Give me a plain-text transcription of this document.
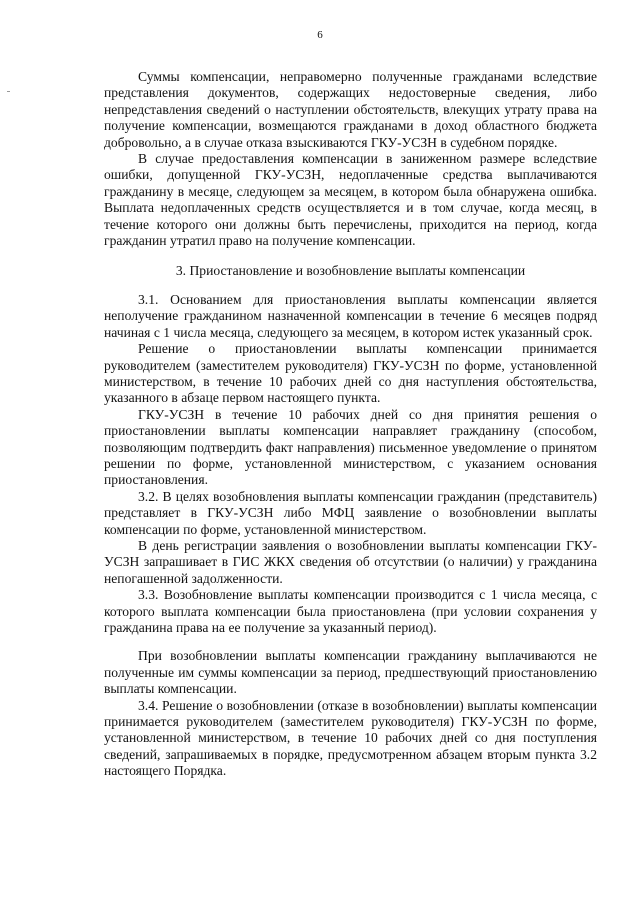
6

Суммы компенсации, неправомерно полученные гражданами вследствие представления документов, содержащих недостоверные сведения, либо непредставления сведений о наступлении обстоятельств, влекущих утрату права на получение компенсации, возмещаются гражданами в доход областного бюджета добровольно, а в случае отказа взыскиваются ГКУ-УСЗН в судебном порядке.

В случае предоставления компенсации в заниженном размере вследствие ошибки, допущенной ГКУ-УСЗН, недоплаченные средства выплачиваются гражданину в месяце, следующем за месяцем, в котором была обнаружена ошибка. Выплата недоплаченных средств осуществляется и в том случае, когда месяц, в течение которого они должны быть перечислены, приходится на период, когда гражданин утратил право на получение компенсации.

3. Приостановление и возобновление выплаты компенсации

3.1. Основанием для приостановления выплаты компенсации является неполучение гражданином назначенной компенсации в течение 6 месяцев подряд начиная с 1 числа месяца, следующего за месяцем, в котором истек указанный срок.

Решение о приостановлении выплаты компенсации принимается руководителем (заместителем руководителя) ГКУ-УСЗН по форме, установленной министерством, в течение 10 рабочих дней со дня наступления обстоятельства, указанного в абзаце первом настоящего пункта.

ГКУ-УСЗН в течение 10 рабочих дней со дня принятия решения о приостановлении выплаты компенсации направляет гражданину (способом, позволяющим подтвердить факт направления) письменное уведомление о принятом решении по форме, установленной министерством, с указанием основания приостановления.

3.2. В целях возобновления выплаты компенсации гражданин (представитель) представляет в ГКУ-УСЗН либо МФЦ заявление о возобновлении выплаты компенсации по форме, установленной министерством.

В день регистрации заявления о возобновлении выплаты компенсации ГКУ-УСЗН запрашивает в ГИС ЖКХ сведения об отсутствии (о наличии) у гражданина непогашенной задолженности.

3.3. Возобновление выплаты компенсации производится с 1 числа месяца, с которого выплата компенсации была приостановлена (при условии сохранения у гражданина права на ее получение за указанный период).

При возобновлении выплаты компенсации гражданину выплачиваются не полученные им суммы компенсации за период, предшествующий приостановлению выплаты компенсации.

3.4. Решение о возобновлении (отказе в возобновлении) выплаты компенсации принимается руководителем (заместителем руководителя) ГКУ-УСЗН по форме, установленной министерством, в течение 10 рабочих дней со дня поступления сведений, запрашиваемых в порядке, предусмотренном абзацем вторым пункта 3.2 настоящего Порядка.
